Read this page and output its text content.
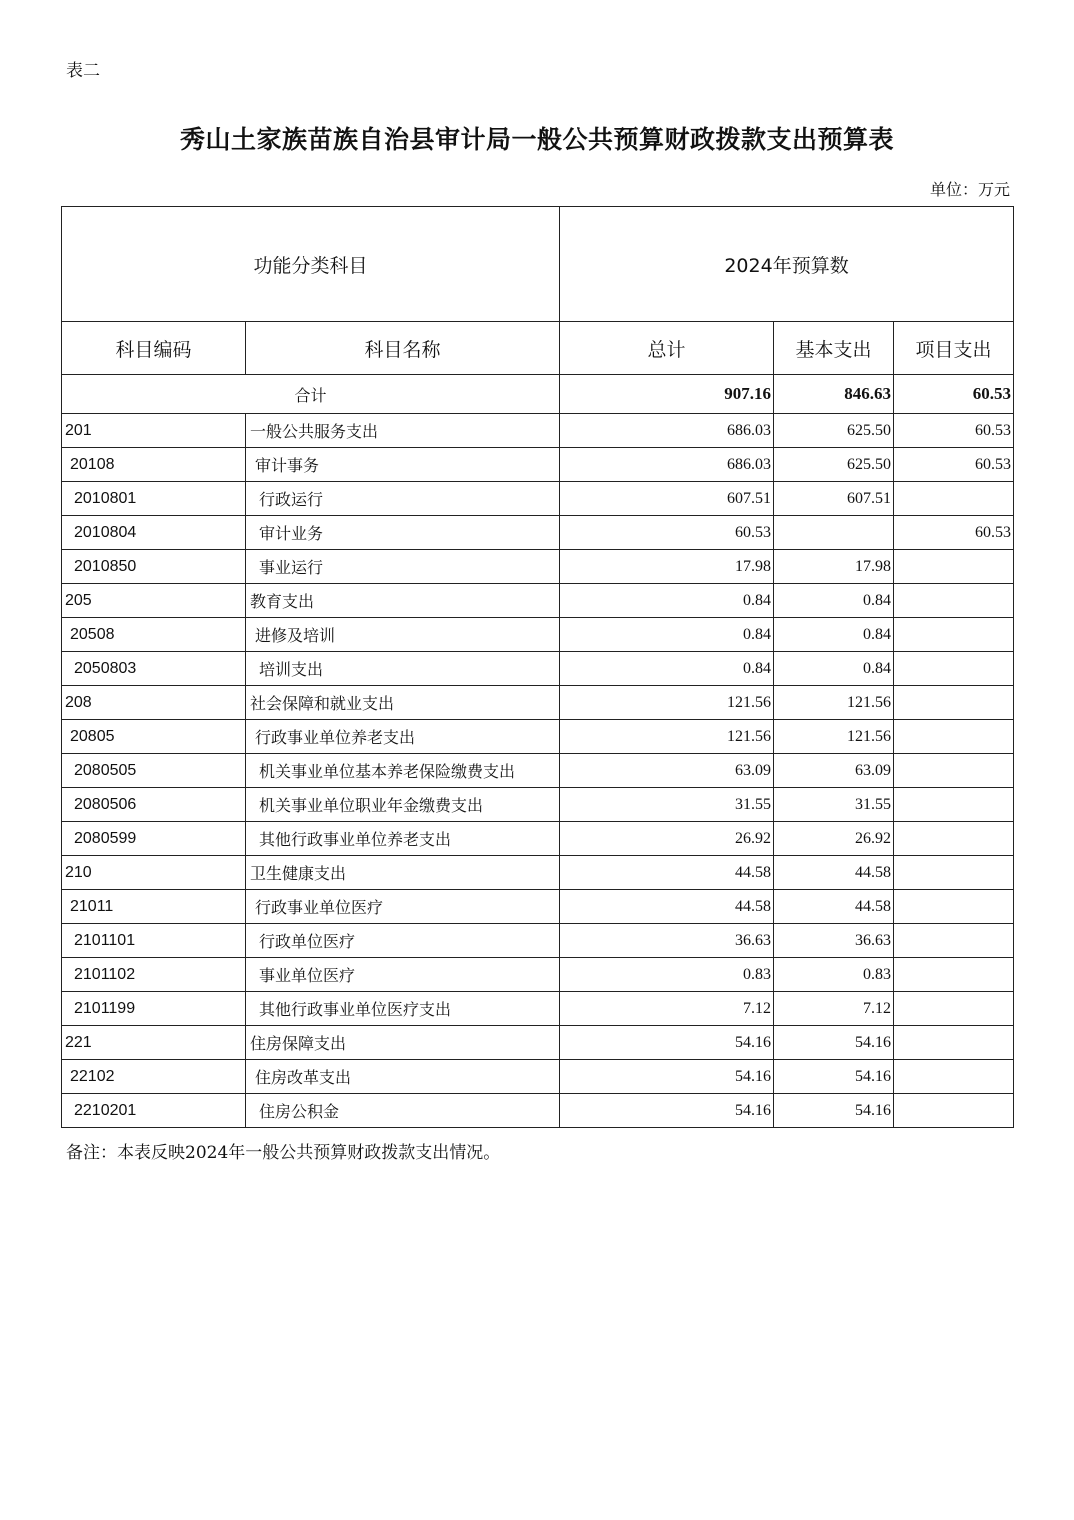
表二
秀山土家族苗族自治县审计局一般公共预算财政拨款支出预算表
单位：万元
功能分类科目		2024年预算数		
科目编码	科目名称	总计	基本支出	项目支出
合计		907.16	846.63	60.53
201	一般公共服务支出	686.03	625.50	60.53
20108	审计事务	686.03	625.50	60.53
2010801	行政运行	607.51	607.51	
2010804	审计业务	60.53		60.53
2010850	事业运行	17.98	17.98	
205	教育支出	0.84	0.84	
20508	进修及培训	0.84	0.84	
2050803	培训支出	0.84	0.84	
208	社会保障和就业支出	121.56	121.56	
20805	行政事业单位养老支出	121.56	121.56	
2080505	机关事业单位基本养老保险缴费支出	63.09	63.09	
2080506	机关事业单位职业年金缴费支出	31.55	31.55	
2080599	其他行政事业单位养老支出	26.92	26.92	
210	卫生健康支出	44.58	44.58	
21011	行政事业单位医疗	44.58	44.58	
2101101	行政单位医疗	36.63	36.63	
2101102	事业单位医疗	0.83	0.83	
2101199	其他行政事业单位医疗支出	7.12	7.12	
221	住房保障支出	54.16	54.16	
22102	住房改革支出	54.16	54.16	
2210201	住房公积金	54.16	54.16	
备注：本表反映2024年一般公共预算财政拨款支出情况。
